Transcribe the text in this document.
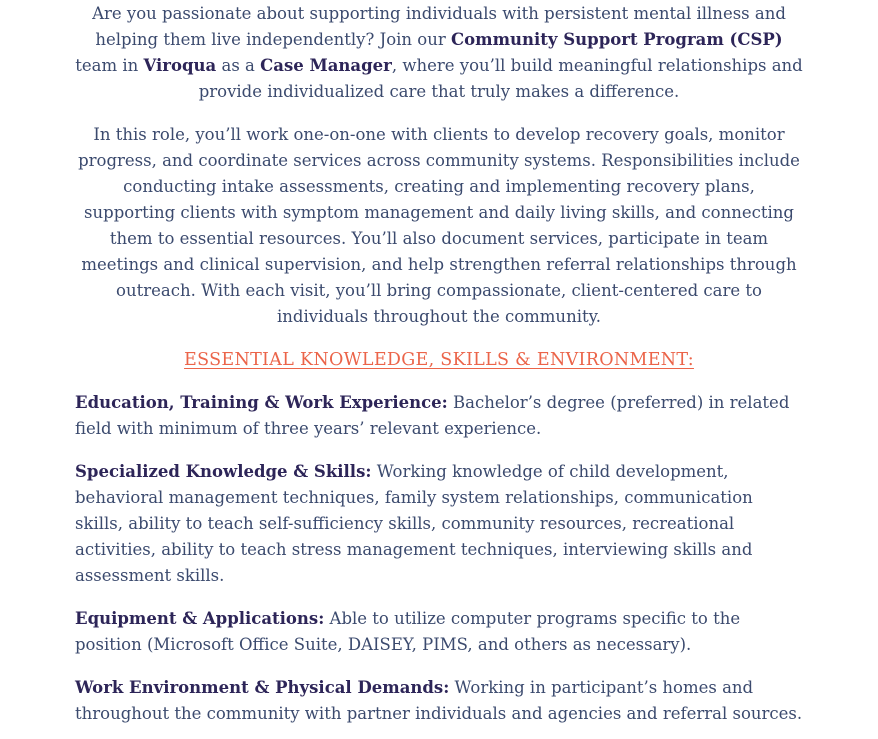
Are you passionate about supporting individuals with persistent mental illness and helping them live independently? Join our Community Support Program (CSP) team in Viroqua as a Case Manager, where you’ll build meaningful relationships and provide individualized care that truly makes a difference.

In this role, you’ll work one-on-one with clients to develop recovery goals, monitor progress, and coordinate services across community systems. Responsibilities include conducting intake assessments, creating and implementing recovery plans, supporting clients with symptom management and daily living skills, and connecting them to essential resources. You’ll also document services, participate in team meetings and clinical supervision, and help strengthen referral relationships through outreach. With each visit, you’ll bring compassionate, client-centered care to individuals throughout the community.

ESSENTIAL KNOWLEDGE, SKILLS & ENVIRONMENT:

Education, Training & Work Experience: Bachelor’s degree (preferred) in related field with minimum of three years’ relevant experience.

Specialized Knowledge & Skills: Working knowledge of child development, behavioral management techniques, family system relationships, communication skills, ability to teach self-sufficiency skills, community resources, recreational activities, ability to teach stress management techniques, interviewing skills and assessment skills.

Equipment & Applications: Able to utilize computer programs specific to the position (Microsoft Office Suite, DAISEY, PIMS, and others as necessary).

Work Environment & Physical Demands: Working in participant’s homes and throughout the community with partner individuals and agencies and referral sources.
